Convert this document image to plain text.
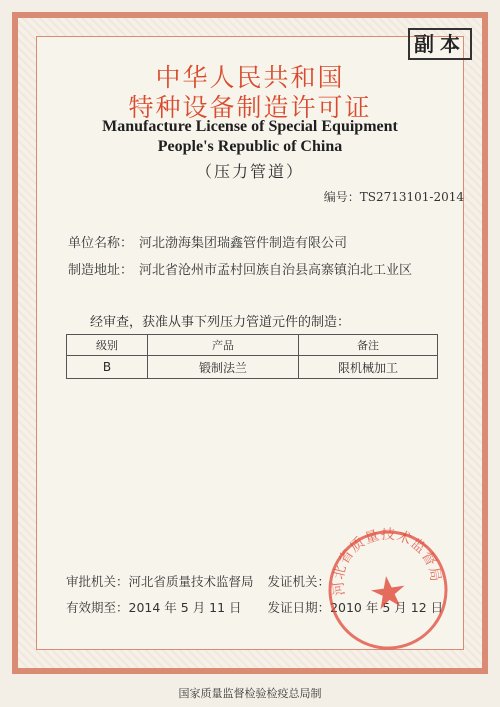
副本
中华人民共和国
特种设备制造许可证
Manufacture License of Special Equipment
People's Republic of China
（压力管道）
编号：TS2713101-2014
单位名称： 河北渤海集团瑞鑫管件制造有限公司
制造地址： 河北省沧州市孟村回族自治县高寨镇泊北工业区
经审查，获准从事下列压力管道元件的制造：
级别	产品	备注
B	锻制法兰	限机械加工
审批机关：河北省质量技术监督局 发证机关：
有效期至：2014 年 5 月 11 日 发证日期：2010 年 5 月 12 日
河北省质量技术监督局
国家质量监督检验检疫总局制
